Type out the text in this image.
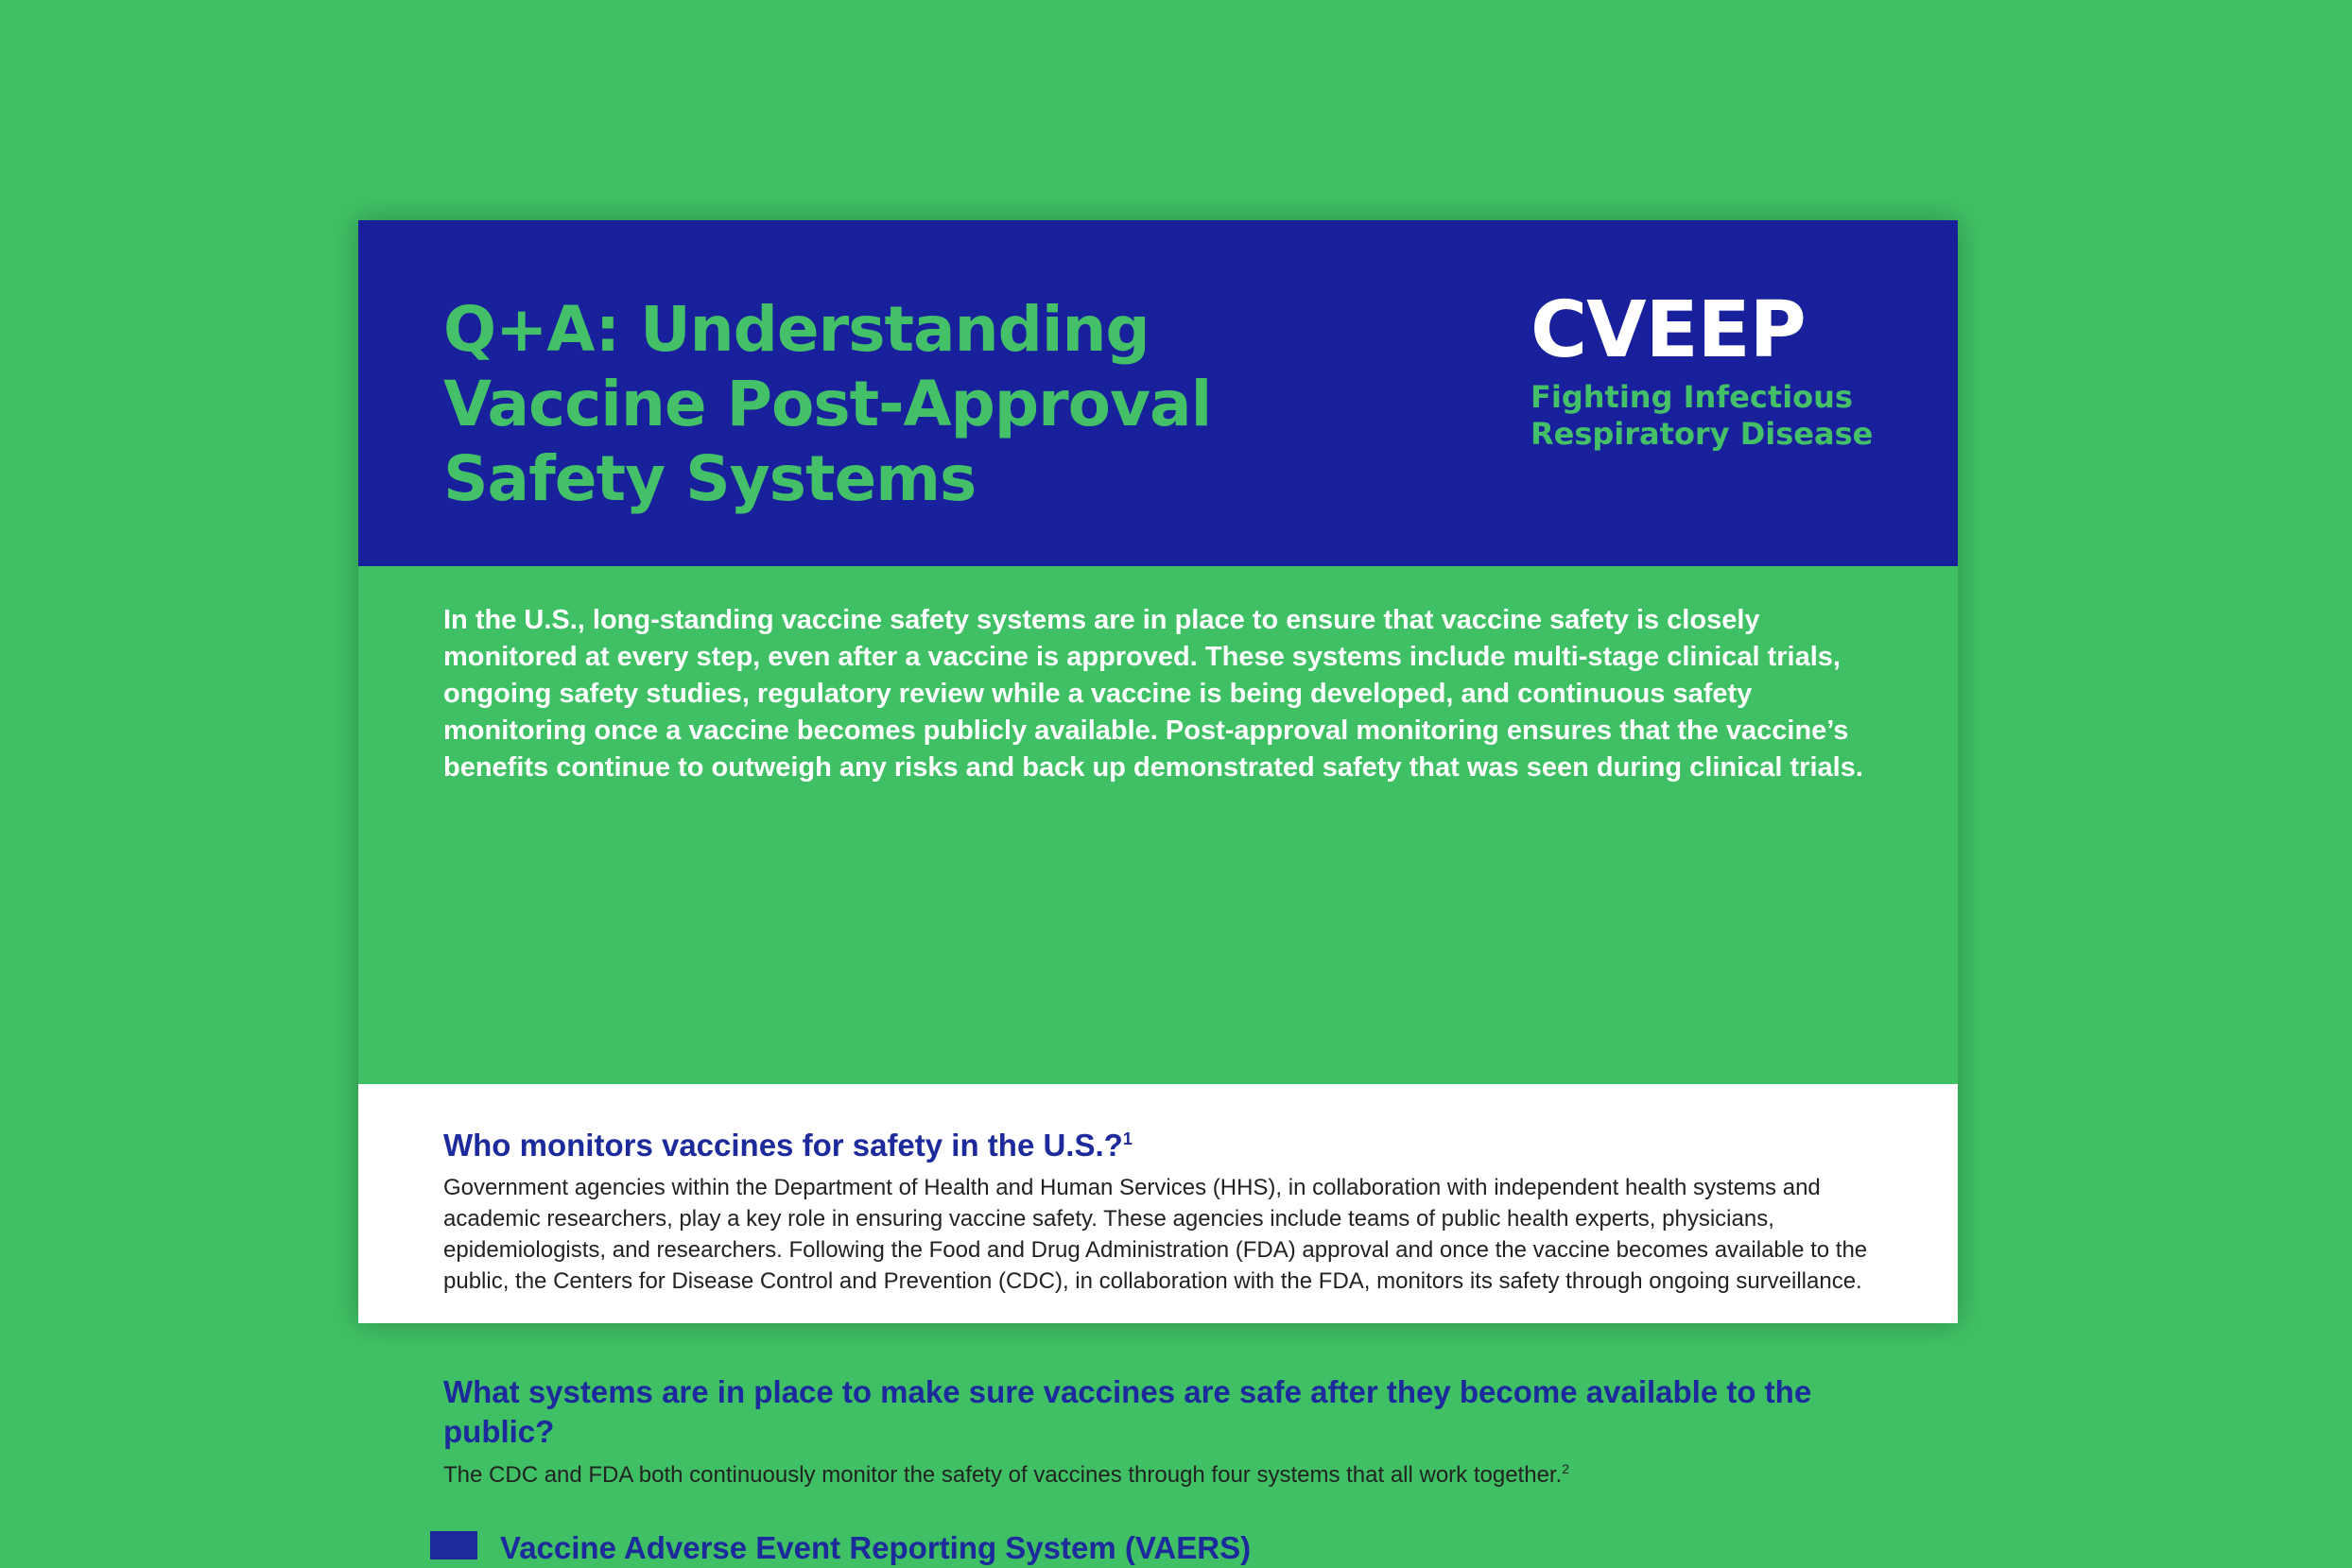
Q+A: Understanding
Vaccine Post-Approval
Safety Systems
CVEEP
Fighting Infectious
Respiratory Disease

In the U.S., long-standing vaccine safety systems are in place to ensure that vaccine safety is closely monitored at every step, even after a vaccine is approved. These systems include multi-stage clinical trials, ongoing safety studies, regulatory review while a vaccine is being developed, and continuous safety monitoring once a vaccine becomes publicly available. Post-approval monitoring ensures that the vaccine’s benefits continue to outweigh any risks and back up demonstrated safety that was seen during clinical trials.

Who monitors vaccines for safety in the U.S.?$^1$

Government agencies within the Department of Health and Human Services (HHS), in collaboration with independent health systems and academic researchers, play a key role in ensuring vaccine safety. These agencies include teams of public health experts, physicians, epidemiologists, and researchers. Following the Food and Drug Administration (FDA) approval and once the vaccine becomes available to the public, the Centers for Disease Control and Prevention (CDC), in collaboration with the FDA, monitors its safety through ongoing surveillance.

What systems are in place to make sure vaccines are safe after they become available to the public?

The CDC and FDA both continuously monitor the safety of vaccines through four systems that all work together.$^2$

Vaccine Adverse Event Reporting System (VAERS)
